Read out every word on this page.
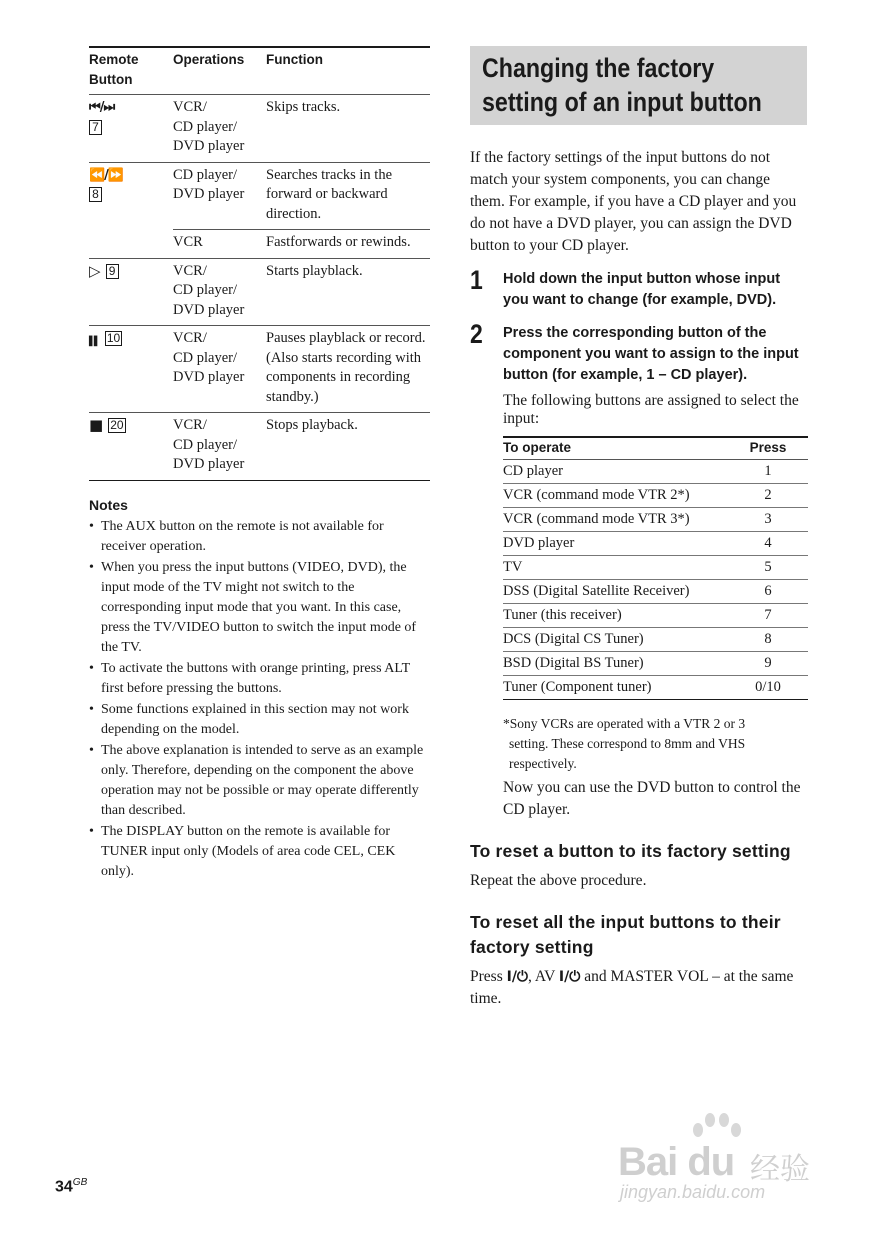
Remote
Button	Operations	Function

⏮/⏭
7	VCR/
CD player/
DVD player	Skips tracks.

⏪/⏩
8	CD player/
DVD player	Searches tracks in the forward or backward direction.
	VCR	Fastforwards or rewinds.
▷ 9	VCR/
CD player/
DVD player	Starts playblack.
▌▌ 10	VCR/
CD player/
DVD player	Pauses playblack or record. (Also starts recording with components in recording standby.)
■ 20	VCR/
CD player/
DVD player	Stops playback.
Notes
• The AUX button on the remote is not available for receiver operation.
• When you press the input buttons (VIDEO, DVD), the input mode of the TV might not switch to the corresponding input mode that you want. In this case, press the TV/VIDEO button to switch the input mode of the TV.
• To activate the buttons with orange printing, press ALT first before pressing the buttons.
• Some functions explained in this section may not work depending on the model.
• The above explanation is intended to serve as an example only. Therefore, depending on the component the above operation may not be possible or may operate differently than described.
• The DISPLAY button on the remote is available for TUNER input only (Models of area code CEL, CEK only).
$34^{GB}$
Changing the factory
setting of an input button

If the factory settings of the input buttons do not match your system components, you can change them. For example, if you have a CD player and you do not have a DVD player, you can assign the DVD button to your CD player.

1 Hold down the input button whose input you want to change (for example, DVD).
2 Press the corresponding button of the component you want to assign to the input button (for example, 1 – CD player).
The following buttons are assigned to select the input:
To operate	Press
CD player	1
VCR (command mode VTR 2*)	2
VCR (command mode VTR 3*)	3
DVD player	4
TV	5
DSS (Digital Satellite Receiver)	6
Tuner (this receiver)	7
DCS (Digital CS Tuner)	8
BSD (Digital BS Tuner)	9
Tuner (Component tuner)	0/10
*Sony VCRs are operated with a VTR 2 or 3
setting. These correspond to 8mm and VHS
respectively.
Now you can use the DVD button to control the CD player.
To reset a button to its factory setting

Repeat the above procedure.

To reset all the input buttons to their factory setting

Press I/⏻, AV I/⏻ and MASTER VOL – at the same time.

Bai du 经验
jingyan.baidu.com
